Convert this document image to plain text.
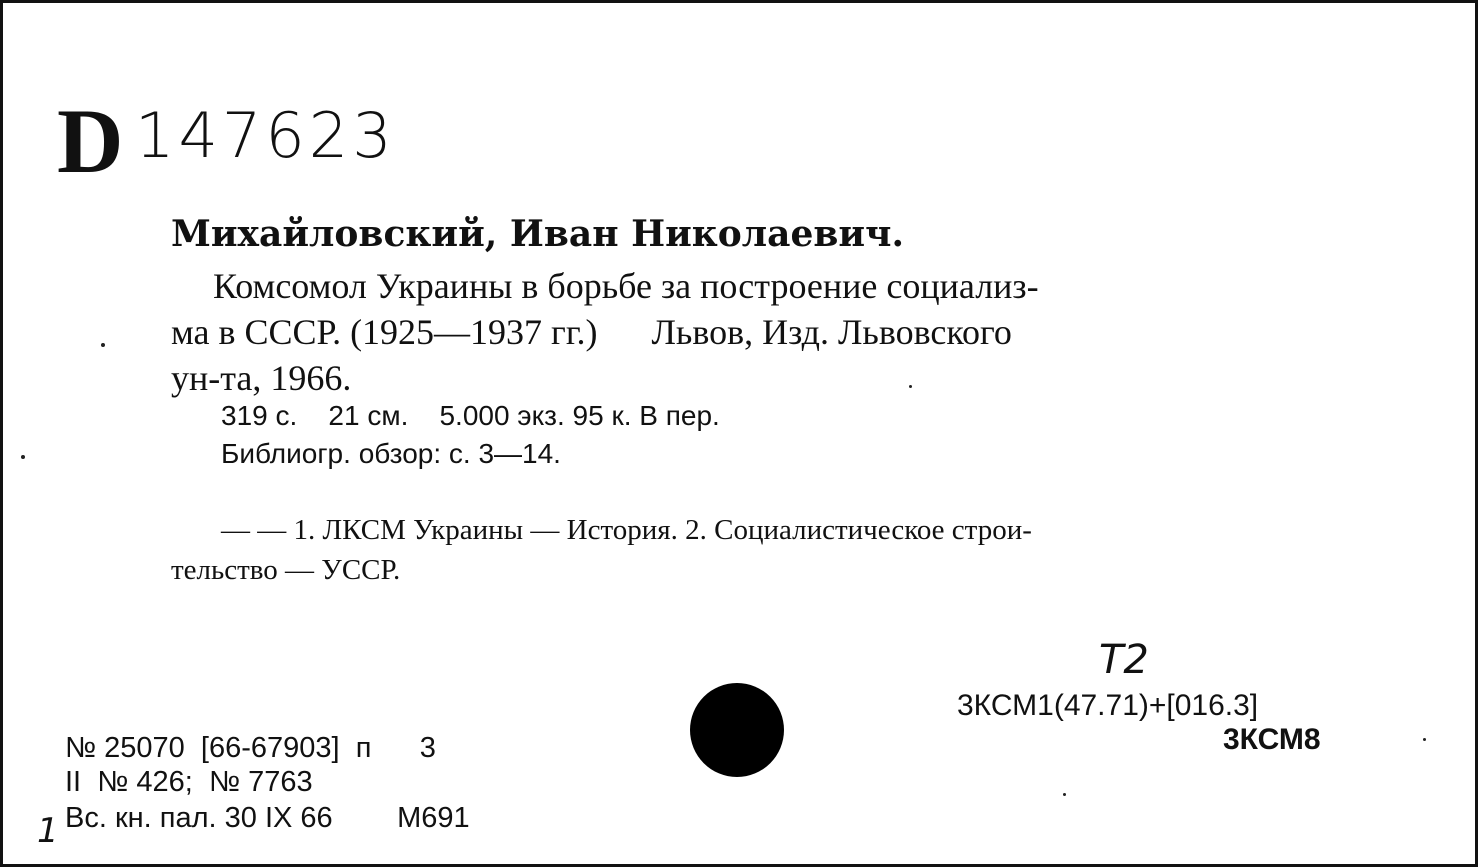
D 147623
Михайловский, Иван Николаевич.
Комсомол Украины в борьбе за построение социализ-
ма в СССР. (1925—1937 гг.)      Львов, Изд. Львовского
ун-та, 1966.
319 с.    21 см.    5.000 экз. 95 к. В пер.
Библиогр. обзор: с. 3—14.
— — 1. ЛКСМ Украины — История. 2. Социалистическое строи-
тельство — УССР.
Т2
3КСМ1(47.71)+[016.3]
3КСМ8
№ 25070  [66-67903]  п      3
II  № 426;  № 7763
Вс. кн. пал. 30 IX 66        М691
1
